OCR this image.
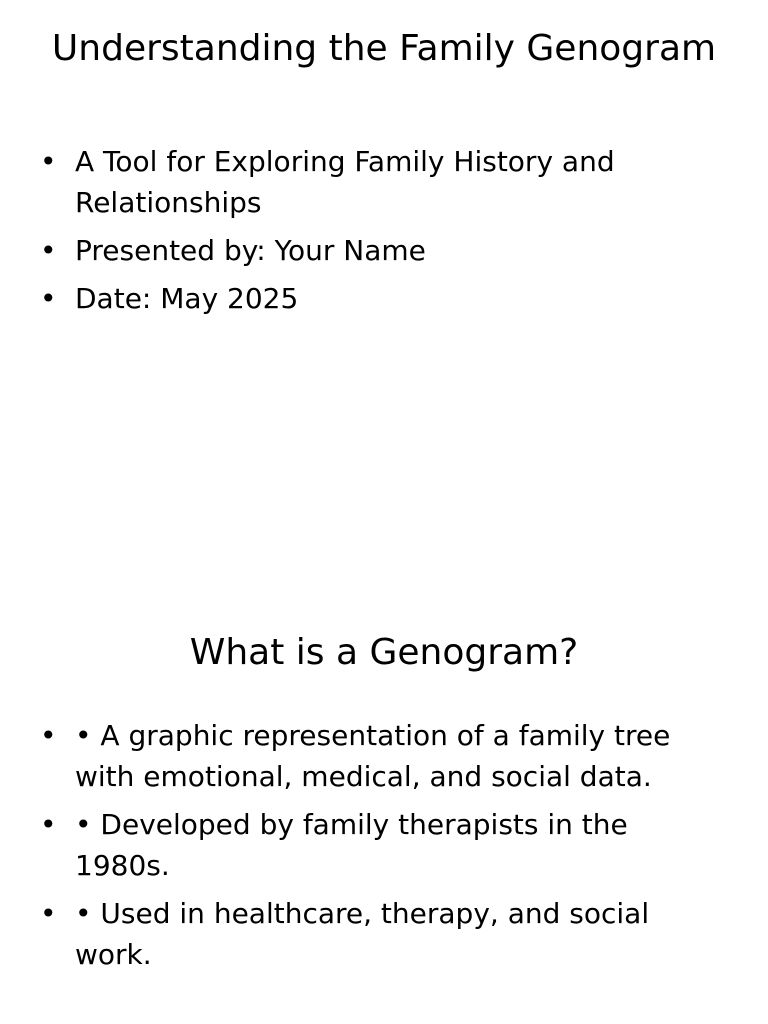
Understanding the Family Genogram
• A Tool for Exploring Family History and Relationships
• Presented by: Your Name
• Date: May 2025
What is a Genogram?
• • A graphic representation of a family tree with emotional, medical, and social data.
• • Developed by family therapists in the 1980s.
• • Used in healthcare, therapy, and social work.
